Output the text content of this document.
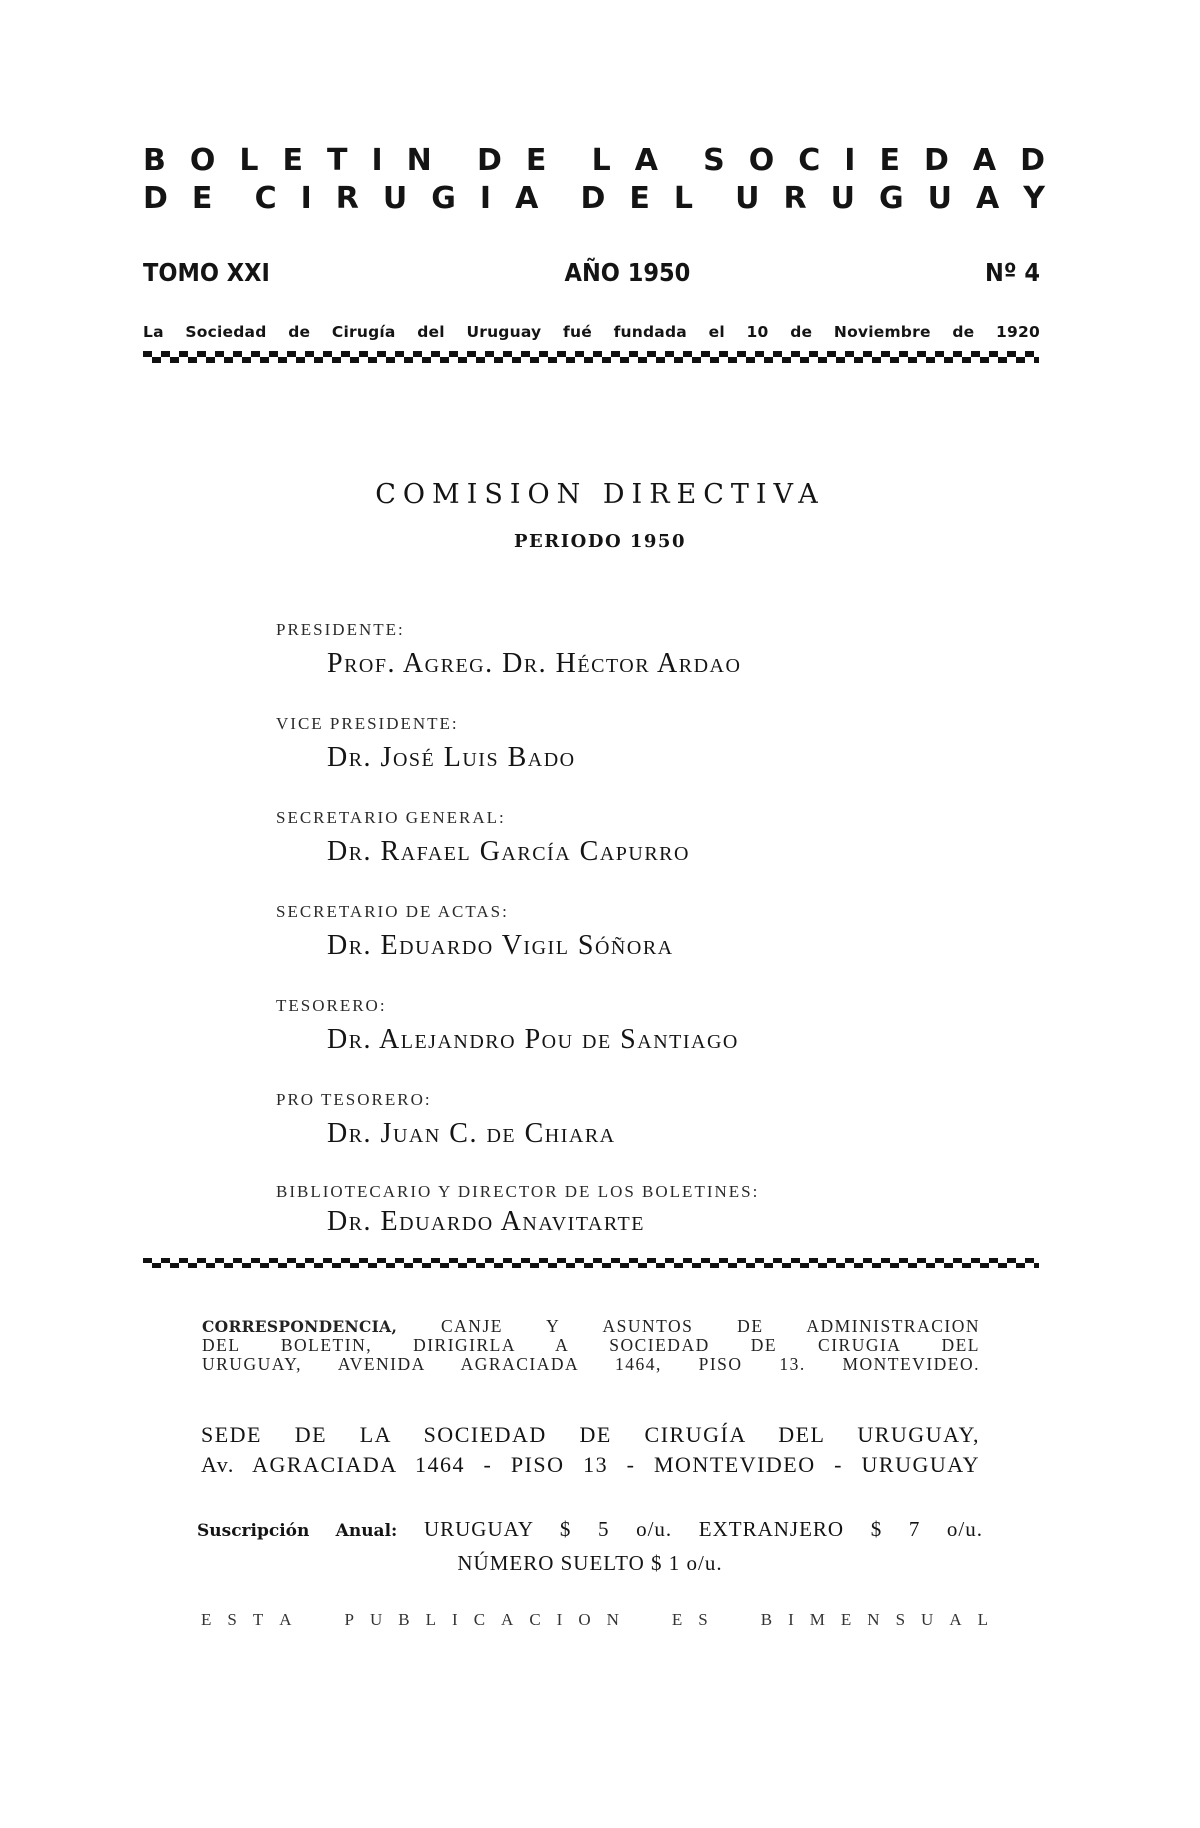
B O L E T I N D E L A S O C I E D A D
D E C I R U G I A D E L U R U G U A Y
TOMO XXI	AÑO 1950	Nº 4
La Sociedad de Cirugía del Uruguay fué fundada el 10 de Noviembre de 1920
COMISION DIRECTIVA
PERIODO 1950
PRESIDENTE:
Prof. Agreg. Dr. Héctor Ardao
VICE PRESIDENTE:
Dr. José Luis Bado
SECRETARIO GENERAL:
Dr. Rafael García Capurro
SECRETARIO DE ACTAS:
Dr. Eduardo Vigil Sóñora
TESORERO:
Dr. Alejandro Pou de Santiago
PRO TESORERO:
Dr. Juan C. de Chiara
BIBLIOTECARIO Y DIRECTOR DE LOS BOLETINES:
Dr. Eduardo Anavitarte
CORRESPONDENCIA,	CANJE Y ASUNTOS DE ADMINISTRACION
DEL BOLETIN, DIRIGIRLA A SOCIEDAD DE CIRUGIA DEL
URUGUAY, AVENIDA AGRACIADA 1464, PISO 13. MONTEVIDEO.
SEDE DE LA SOCIEDAD DE CIRUGÍA DEL URUGUAY,
Av. AGRACIADA 1464 - PISO 13 - MONTEVIDEO - URUGUAY
Suscripción Anual: URUGUAY $ 5 o/u. EXTRANJERO $ 7 o/u.
NÚMERO SUELTO $ 1 o/u.
E S T A	P U B L I C A C I O N	E S	B I M E N S U A L
